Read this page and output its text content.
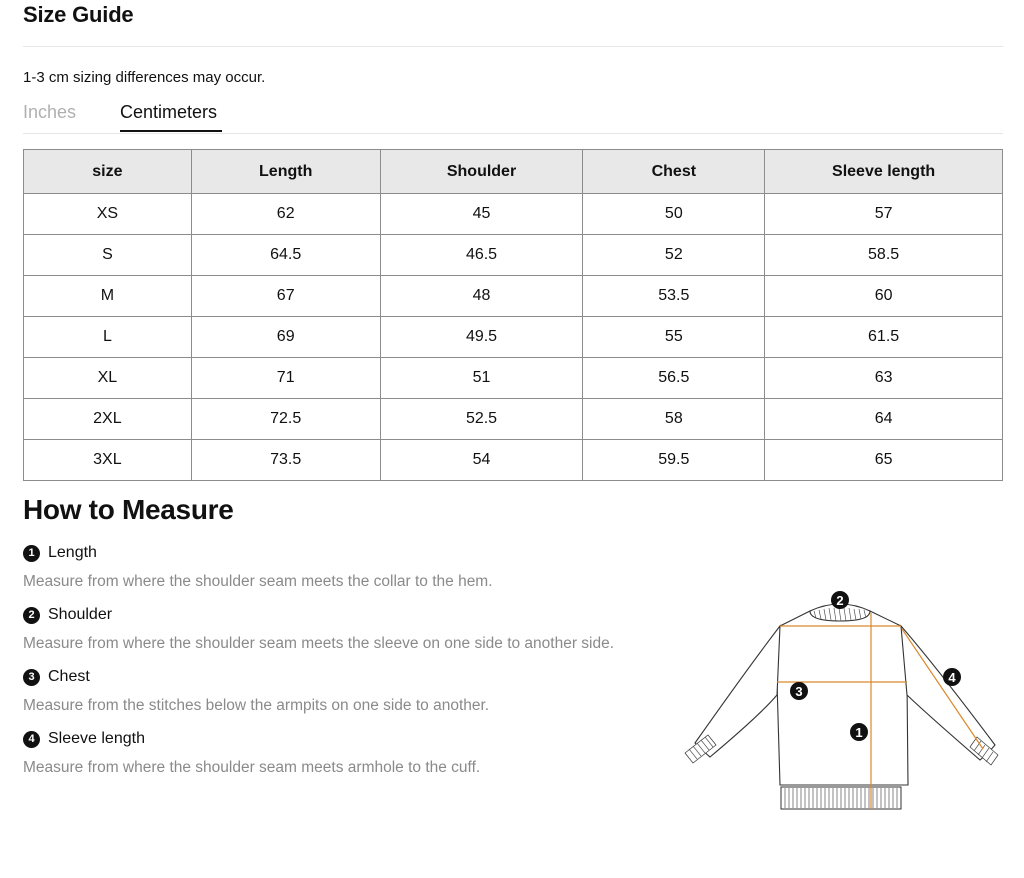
Size Guide
1-3 cm sizing differences may occur.
Inches Centimeters
size	Length	Shoulder	Chest	Sleeve length
XS	62	45	50	57
S	64.5	46.5	52	58.5
M	67	48	53.5	60
L	69	49.5	55	61.5
XL	71	51	56.5	63
2XL	72.5	52.5	58	64
3XL	73.5	54	59.5	65
How to Measure
1 Length
Measure from where the shoulder seam meets the collar to the hem.
2 Shoulder
Measure from where the shoulder seam meets the sleeve on one side to another side.
3 Chest
Measure from the stitches below the armpits on one side to another.
4 Sleeve length
Measure from where the shoulder seam meets armhole to the cuff.
2
3
1
4
